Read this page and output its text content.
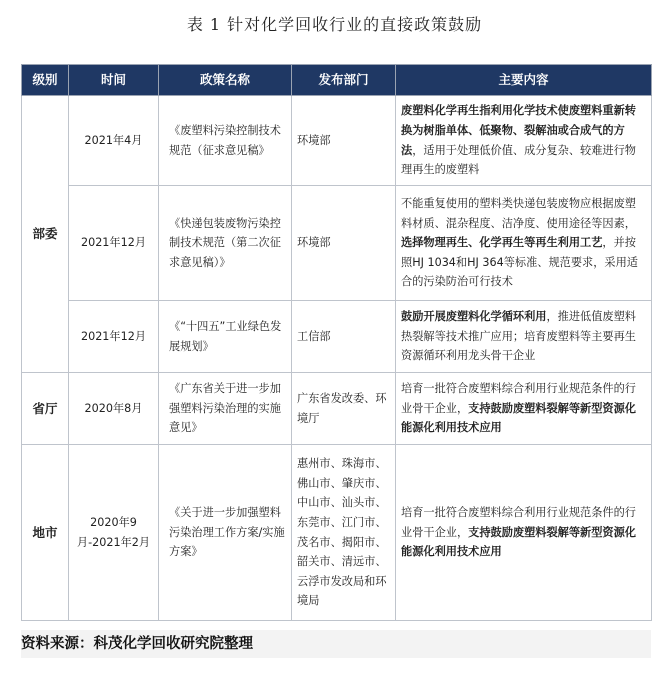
表 1 针对化学回收行业的直接政策鼓励
级别	时间	政策名称	发布部门	主要内容
部委	2021年4月	《废塑料污染控制技术规范（征求意见稿》	环境部	废塑料化学再生指利用化学技术使废塑料重新转换为树脂单体、低聚物、裂解油或合成气的方法，适用于处理低价值、成分复杂、较难进行物理再生的废塑料
	2021年12月	《快递包装废物污染控制技术规范（第二次征求意见稿）》	环境部	不能重复使用的塑料类快递包装废物应根据废塑料材质、混杂程度、洁净度、使用途径等因素，选择物理再生、化学再生等再生利用工艺，并按照HJ 1034和HJ 364等标准、规范要求，采用适合的污染防治可行技术
	2021年12月	《“十四五”工业绿色发展规划》	工信部	鼓励开展废塑料化学循环利用，推进低值废塑料热裂解等技术推广应用；培育废塑料等主要再生资源循环利用龙头骨干企业
省厅	2020年8月	《广东省关于进一步加强塑料污染治理的实施意见》	广东省发改委、环境厅	培育一批符合废塑料综合利用行业规范条件的行业骨干企业，支持鼓励废塑料裂解等新型资源化能源化利用技术应用
地市	2020年9月-2021年2月	《关于进一步加强塑料污染治理工作方案/实施方案》	惠州市、珠海市、佛山市、肇庆市、中山市、汕头市、东莞市、江门市、茂名市、揭阳市、韶关市、清远市、云浮市发改局和环境局	培育一批符合废塑料综合利用行业规范条件的行业骨干企业，支持鼓励废塑料裂解等新型资源化能源化利用技术应用
资料来源：科茂化学回收研究院整理
